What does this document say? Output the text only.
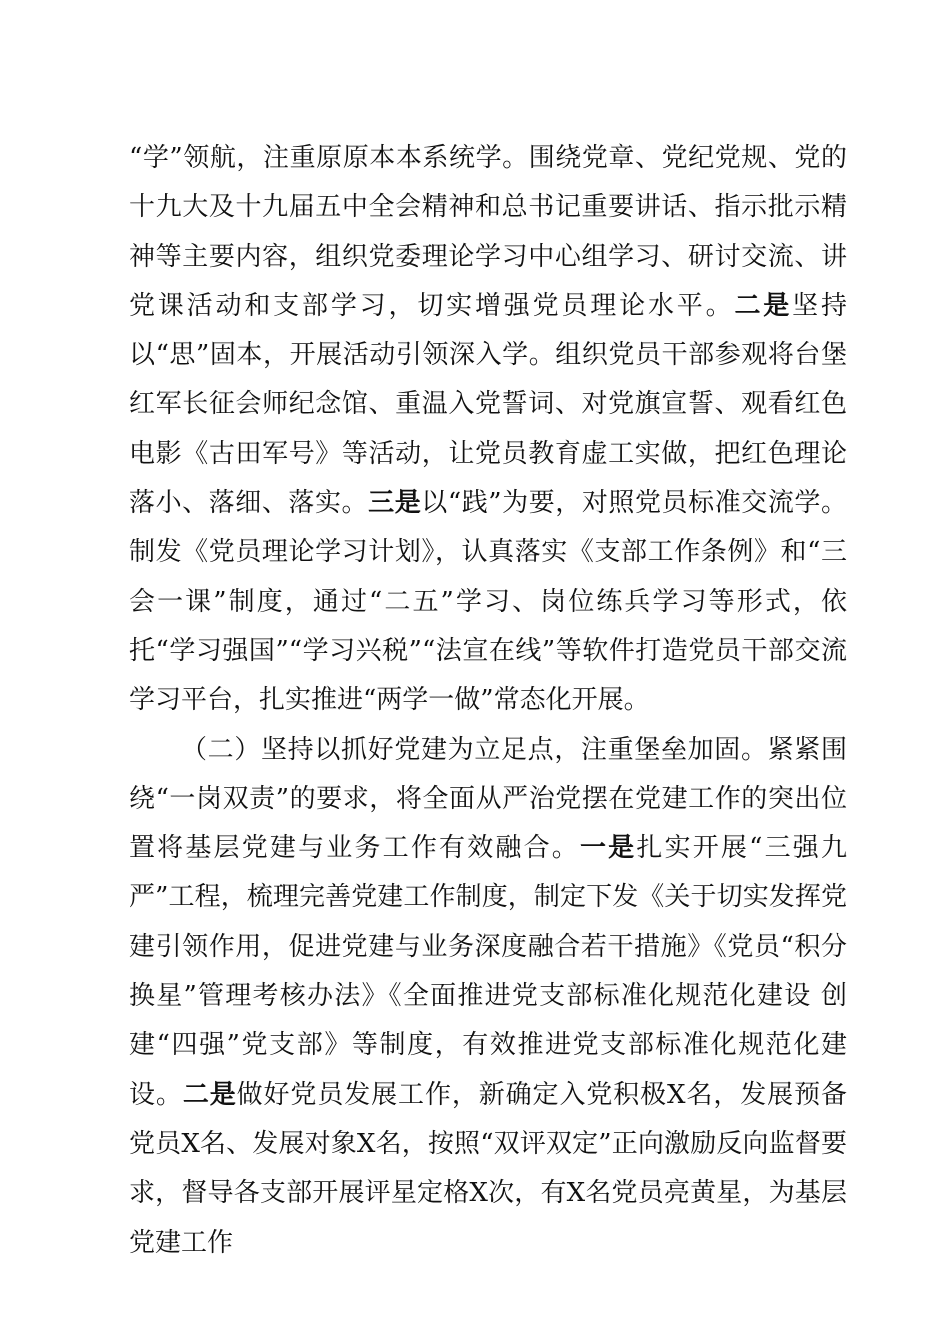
“学”领航，注重原原本本系统学。围绕党章、党纪党规、党的十九大及十九届五中全会精神和总书记重要讲话、指示批示精神等主要内容，组织党委理论学习中心组学习、研讨交流、讲党课活动和支部学习，切实增强党员理论水平。二是坚持以“思”固本，开展活动引领深入学。组织党员干部参观将台堡红军长征会师纪念馆、重温入党誓词、对党旗宣誓、观看红色电影《古田军号》等活动，让党员教育虚工实做，把红色理论落小、落细、落实。三是以“践”为要，对照党员标准交流学。制发《党员理论学习计划》，认真落实《支部工作条例》和“三会一课”制度，通过“二五”学习、岗位练兵学习等形式，依托“学习强国”“学习兴税”“法宣在线”等软件打造党员干部交流学习平台，扎实推进“两学一做”常态化开展。

（二）坚持以抓好党建为立足点，注重堡垒加固。紧紧围绕“一岗双责”的要求，将全面从严治党摆在党建工作的突出位置将基层党建与业务工作有效融合。一是扎实开展“三强九严”工程，梳理完善党建工作制度，制定下发《关于切实发挥党建引领作用，促进党建与业务深度融合若干措施》《党员“积分换星”管理考核办法》《全面推进党支部标准化规范化建设 创建“四强”党支部》等制度，有效推进党支部标准化规范化建设。二是做好党员发展工作，新确定入党积极X名，发展预备党员X名、发展对象X名，按照“双评双定”正向激励反向监督要求，督导各支部开展评星定格X次，有X名党员亮黄星，为基层党建工作
